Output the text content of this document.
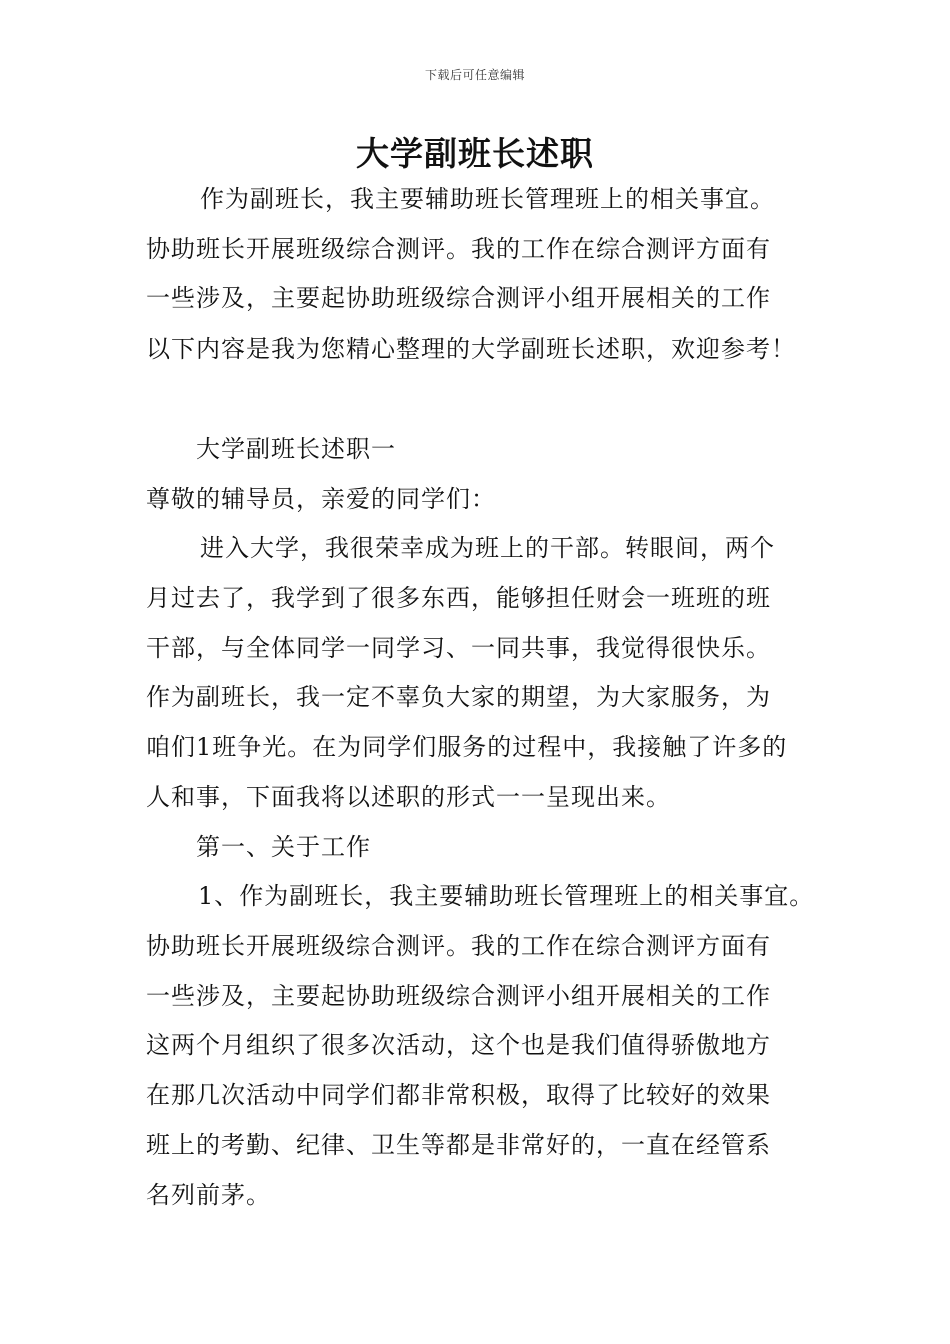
下载后可任意编辑
大学副班长述职
作为副班长，我主要辅助班长管理班上的相关事宜。
协助班长开展班级综合测评。我的工作在综合测评方面有
一些涉及，主要起协助班级综合测评小组开展相关的工作
以下内容是我为您精心整理的大学副班长述职，欢迎参考！
大学副班长述职一
尊敬的辅导员，亲爱的同学们：
进入大学，我很荣幸成为班上的干部。转眼间，两个
月过去了，我学到了很多东西，能够担任财会一班班的班
干部，与全体同学一同学习、一同共事，我觉得很快乐。
作为副班长，我一定不辜负大家的期望，为大家服务，为
咱们1班争光。在为同学们服务的过程中，我接触了许多的
人和事，下面我将以述职的形式一一呈现出来。
第一、关于工作
1、作为副班长，我主要辅助班长管理班上的相关事宜。
协助班长开展班级综合测评。我的工作在综合测评方面有
一些涉及，主要起协助班级综合测评小组开展相关的工作
这两个月组织了很多次活动，这个也是我们值得骄傲地方
在那几次活动中同学们都非常积极，取得了比较好的效果
班上的考勤、纪律、卫生等都是非常好的，一直在经管系
名列前茅。
